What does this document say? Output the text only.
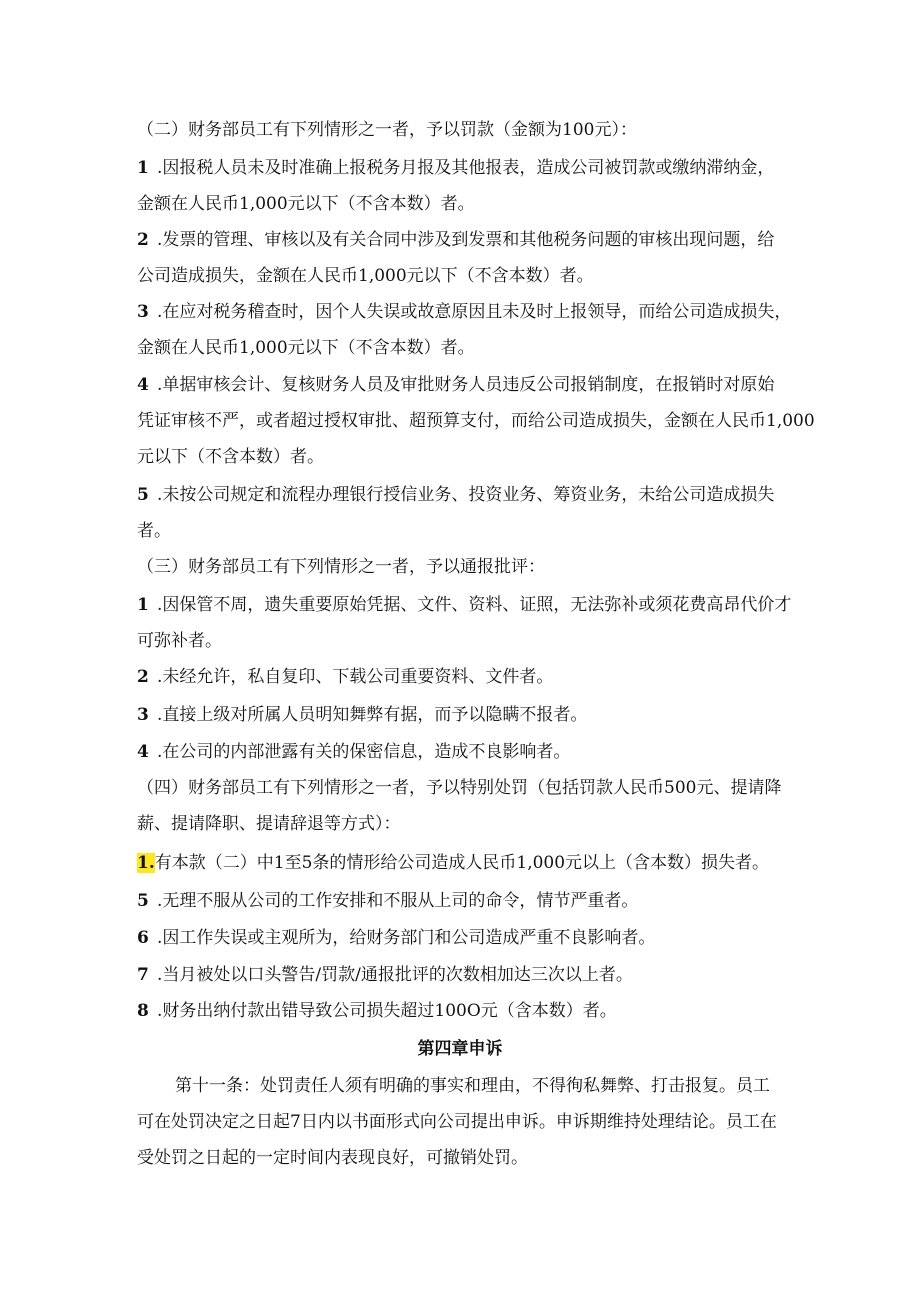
（二）财务部员工有下列情形之一者，予以罚款（金额为100元）：

1 .因报税人员未及时准确上报税务月报及其他报表，造成公司被罚款或缴纳滞纳金，

金额在人民币1,000元以下（不含本数）者。

2 .发票的管理、审核以及有关合同中涉及到发票和其他税务问题的审核出现问题，给

公司造成损失，金额在人民币1,000元以下（不含本数）者。

3 .在应对税务稽查时，因个人失误或故意原因且未及时上报领导，而给公司造成损失，

金额在人民币1,000元以下（不含本数）者。

4 .单据审核会计、复核财务人员及审批财务人员违反公司报销制度，在报销时对原始

凭证审核不严，或者超过授权审批、超预算支付，而给公司造成损失，金额在人民币1,000

元以下（不含本数）者。

5 .未按公司规定和流程办理银行授信业务、投资业务、筹资业务，未给公司造成损失

者。

（三）财务部员工有下列情形之一者，予以通报批评：

1 .因保管不周，遗失重要原始凭据、文件、资料、证照，无法弥补或须花费高昂代价才

可弥补者。

2 .未经允许，私自复印、下载公司重要资料、文件者。

3 .直接上级对所属人员明知舞弊有据，而予以隐瞒不报者。

4 .在公司的内部泄露有关的保密信息，造成不良影响者。

（四）财务部员工有下列情形之一者，予以特别处罚（包括罚款人民币500元、提请降

薪、提请降职、提请辞退等方式）：

1.有本款（二）中1至5条的情形给公司造成人民币1,000元以上（含本数）损失者。

5 .无理不服从公司的工作安排和不服从上司的命令，情节严重者。

6 .因工作失误或主观所为，给财务部门和公司造成严重不良影响者。

7 .当月被处以口头警告/罚款/通报批评的次数相加达三次以上者。

8 .财务出纳付款出错导致公司损失超过100O元（含本数）者。

第四章申诉

第十一条：处罚责任人须有明确的事实和理由，不得徇私舞弊、打击报复。员工

可在处罚决定之日起7日内以书面形式向公司提出申诉。申诉期维持处理结论。员工在

受处罚之日起的一定时间内表现良好，可撤销处罚。
